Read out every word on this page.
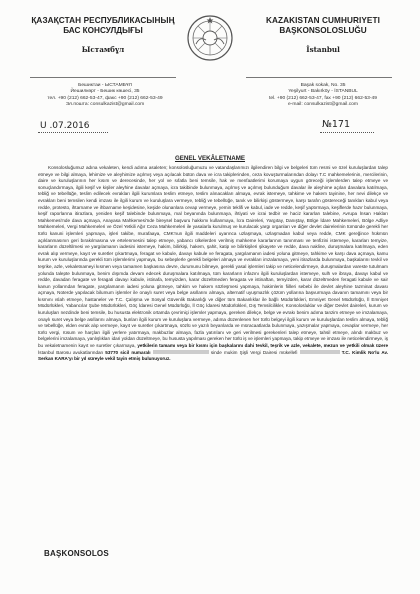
ҚАЗАҚСТАН РЕСПУБЛИКАСЫНЫҢ
БАС КОНСУЛДЫҒЫ
Ыстамбұл
KAZAKISTAN CUMHURIYETI
BAŞKONSOLOSLUĞU
İstanbul
Бешиктаи - ЫСТАМБҰЛ
Йешилкөрт - Бешик көшесі, 35
тел. +90 (212) 662-53-47, факс +90 (212) 662-53-49
Эл.пошта: consulkazist@gmail.com
Başak sokak, No. 35
Yeşilyurt - Bakırköy - İSTANBUL
tel. +90 (212) 662-53-47, fax +90 (212) 662-53-49
e-mail: consulkazist@gmail.com
U .07.2016	№171
GENEL VEKÂLETNAME
Konsolosluğumuz adına vekaleten, kendi adıma asaleten; konsolosluğumuzu ve vatandaşlarımızı ilgilendiren bilgi ve belgeleri tüm resmi ve özel kuruluşlardan talep etmeye ve bilgi almaya, lehimize ve aleyhimize açılmış veya açılacak bütün dava ve icra takiplerinden, ceza kovuşturmalarından dolayı T.C mahkemelerinin, mercilerinin, daire ve kuruluşlarının her kısım ve derecesinde, her yol ve sıfatla beni temsile, hak ve menfaatlerimi korumaya uygun göreceği işlemlerden talep etmeye ve sonuçlandırmaya, ilgili keşif ve kişiler aleyhine davalar açmaya, icra takibinde bulunmaya, açılmış ve açılmış bulunduğum davalar ile aleyhime açılan davalara katılmaya, tebliğ ve tebellüğe, teslim edilecek evrakları ilgili kurumlara teslim etmeye, teslim alınacakları almaya, evrak istemeye, tahkime ve hakem tayinine, her nevi dilekçe ve evrakları beni temsilen kendi imzası ile ilgili kurum ve kuruluşlara vermeye, tebliğ ve tebellüğe, tanık ve bilirkişi göstermeye, karşı tarafın göstereceği tanıkları kabul veya redde, protesto, ihtarname ve ihbarname keşidesine, keşide olunanlara cevap vermeye, yemin teklifi ve kabul, iade ve redde, keşif yaptırmaya, keşiflerde hazır bulunmaya, keşif raporlarına itirazlara, yeniden keşif talebinde bulunmaya, mal beyanında bulunmaya, ihtiyati ve icrai tedbir ve haciz kararları talebine, Avrupa İnsan Hakları Mahkemesi'nde dava açmaya, Anayasa Mahkemesi'nde bireysel başvuru hakkımı kullanmaya, İcra Daireleri, Yargıtay, Danıştay, Bölge İdare Mahkemeleri, Bölge Adliye Mahkemeleri, Vergi Mahkemeleri ve Özel Yetkili Ağır Ceza Mahkemeleri ile yasalarla kurulmuş ve kurulacak yargı organları ve diğer devlet dairelerinin tümünde gerekli her türlü kanuni işlemleri yapmaya, işleri takibe, murafaaya, CMK'nun ilgili maddeleri uyarınca uzlaşmaya, uzlaşmadan kabul veya redde, CMK gereğince hükmün açıklanmasının geri bırakılmasına ve ertelenmesini talep etmeye, yabancı ülkelerden verilmiş mahkeme kararlarının tanınması ve tenfizini istemeye, kararları temyize, kararların düzeltilmesi ve yargılamanın iadesini istemeye, hakim, bilirkişi, hakem, şahit, katip ve bilirkişileri şikayete ve redde, dava nakline, duruşmalara katılmaya, eden evrak alıp vermeye, kayıt ve suretler çıkartmaya, feragat ve kabule, davayı kabule ve feragata, yargılamanın iadesi yoluna gitmeye, tahkime ve karşı dava açmaya, kamu kurum ve kuruluşlarında gerekli tüm işlemlerimi yapmaya, bu sebeplerle gerekli belgeleri almaya ve evrakları imzalamaya, yeni itirazlarda bulunmaya, başkalarını tevkil ve teşrike, azle, vekaletnameyi kısmen veya tamamen başkasına devre, durumunu bilmeye, gerekli yasal işlemleri takip ve neticelendirmeye, duruşmalardan vareste tutulmam yolunda talepte bulunmaya, benim dışımda devam edecek duruşmalara katılmaya, tüm kararların infazını ilgili kuruluşlardan istemeye, sulh ve ibraya, davayı kabul ve redde, davadan feragate ve feragati davayı kabule, istinafa, temyizden, karar düzeltmeden feragata ve istinaftan, temyizden, karar düzeltmeden feragati kabule ve sair kanun yollarından feragate, yargılamanın iadesi yoluna gitmeye, tahkim ve hakem sözleşmesi yapmaya, hakimlerin fiilleri sebebi ile devlet aleyhine tazminat davası açmaya, Noterde yapılacak bilumum işlemler ile onaylı suret veya belge asıllarını almaya, alternatif uyuşmazlık çözüm yollarına başvurmaya davanın tamamını veya bir kısmını ıslah etmeye, hastaneler ve T.C. Çalışma ve Sosyal Güvenlik Bakanlığı ve diğer tüm Bakanlıklar ile bağlı Müdürlükleri, Emniyet Genel Müdürlüğü, İl Emniyet Müdürlükleri, Yabancılar Şube Müdürlükleri, Göç İdaresi Genel Müdürlüğü, İl Göç İdaresi Müdürlükleri, Dış Temsilcilikler, Konsolosluklar ve diğer Devlet daireleri, kurum ve kuruluşları nezdinde beni temsile, bu hususta elektronik ortamda çevrimiçi işlemler yapmaya, gereken dilekçe, belge ve evrakı benim adıma tanzim etmeye ve imzalamaya, onaylı suret veya belge asıllarını almaya, bunları ilgili kurum ve kuruluşlara vermeye, adıma düzenlenen her türlü belgeyi ilgili kurum ve kuruluşlardan teslim almaya, tebliğ ve tebellüğe, elden evrak alıp vermeye, kayıt ve suretler çıkartmaya, sözlü ve yazılı beyanlarda ve müracaatlarda bulunmaya, yazışmalar yapmaya, cevaplar vermeye, her türlü vergi, rüsum ve harçları ilgili yerlere yatırmaya, makbuzlar almaya, fazla yatırılanı ve geri verilmesi gerekenleri talep etmeye, tahsil etmeye, alındı makbuz ve belgelerini imzalamaya, yanlışlıkları idari yoldan düzeltmeye, bu hususta yapılması gereken her türlü iş ve işlemleri yapmaya, takip etmeye ve imzası ile neticelendirmeye, iş bu vekaletnamenin kayıt ve suretler çıkarmaya, yetkilerin tamamı veya bir kısmı için başkalarını dahi tevkil, teşrik ve azle, vekalete, mezun ve yetkili olmak üzere İstanbul Barosu avukatlarından 53770 sicil numaralı	sinde mukim Şişli Vergi Dairesi mükellefi	T.C. Kimlik No'lu Av. Serkan KARA'yı bir yıl süreyle vekil tayin etmiş bulunuyoruz.
BAŞKONSOLOS
